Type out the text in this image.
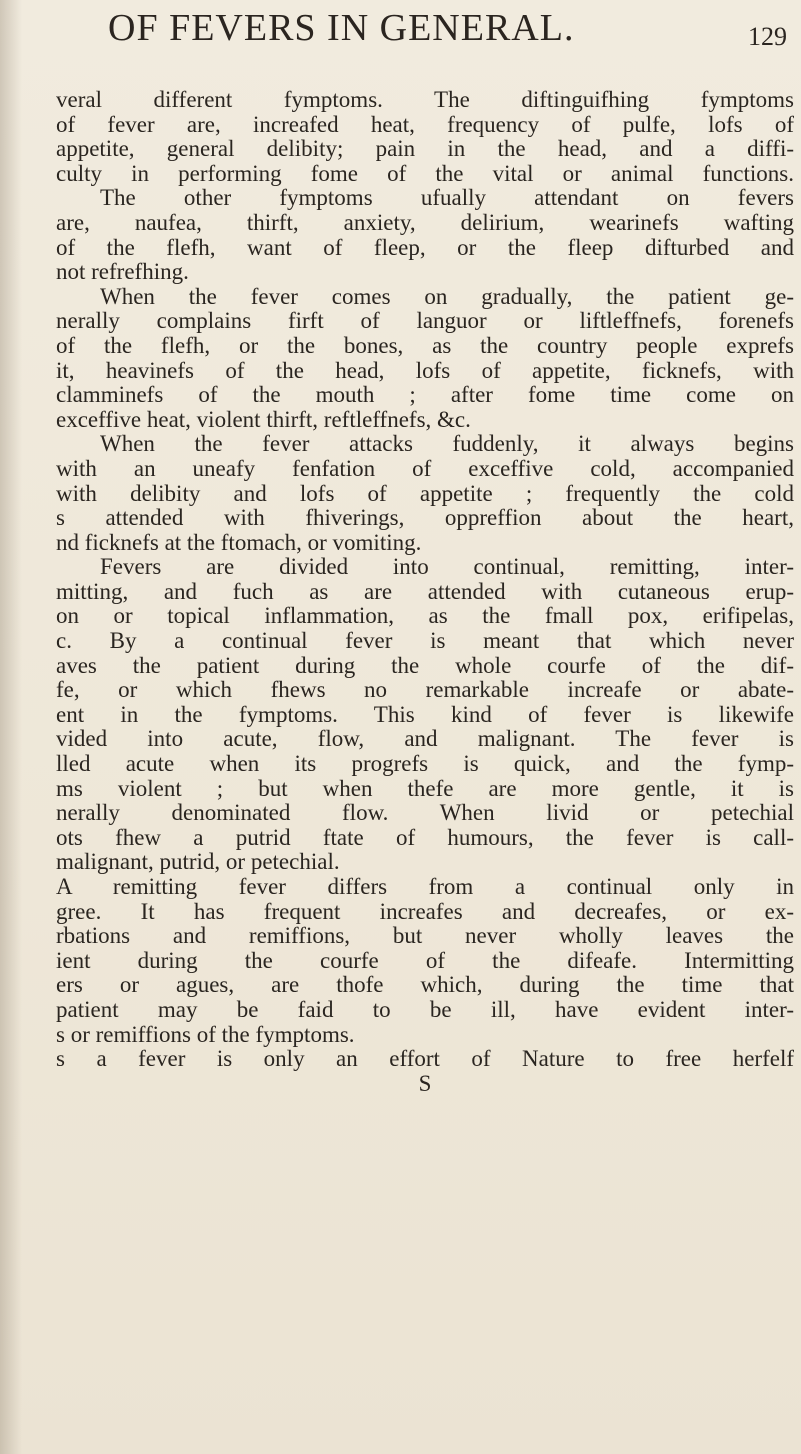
OF FEVERS IN GENERAL.	129
veral different fymptoms. The diftinguifhing fymptoms
of fever are, increafed heat, frequency of pulfe, lofs of
appetite, general delibity; pain in the head, and a diffi-
culty in performing fome of the vital or animal functions.
The other fymptoms ufually attendant on fevers
are, naufea, thirft, anxiety, delirium, wearinefs wafting
of the flefh, want of fleep, or the fleep difturbed and
not refrefhing.
When the fever comes on gradually, the patient ge-
nerally complains firft of languor or liftleffnefs, forenefs
of the flefh, or the bones, as the country people exprefs
it, heavinefs of the head, lofs of appetite, ficknefs, with
clamminefs of the mouth ; after fome time come on
exceffive heat, violent thirft, reftleffnefs, &c.
When the fever attacks fuddenly, it always begins
with an uneafy fenfation of exceffive cold, accompanied
with delibity and lofs of appetite ; frequently the cold
s attended with fhiverings, oppreffion about the heart,
nd ficknefs at the ftomach, or vomiting.
Fevers are divided into continual, remitting, inter-
mitting, and fuch as are attended with cutaneous erup-
on or topical inflammation, as the fmall pox, erifipelas,
c. By a continual fever is meant that which never
aves the patient during the whole courfe of the dif-
fe, or which fhews no remarkable increafe or abate-
ent in the fymptoms. This kind of fever is likewife
vided into acute, flow, and malignant. The fever is
lled acute when its progrefs is quick, and the fymp-
ms violent ; but when thefe are more gentle, it is
nerally denominated flow. When livid or petechial
ots fhew a putrid ftate of humours, the fever is call-
malignant, putrid, or petechial.
A remitting fever differs from a continual only in
gree. It has frequent increafes and decreafes, or ex-
rbations and remiffions, but never wholly leaves the
ient during the courfe of the difeafe. Intermitting
ers or agues, are thofe which, during the time that
patient may be faid to be ill, have evident inter-
s or remiffions of the fymptoms.
s a fever is only an effort of Nature to free herfelf
S
